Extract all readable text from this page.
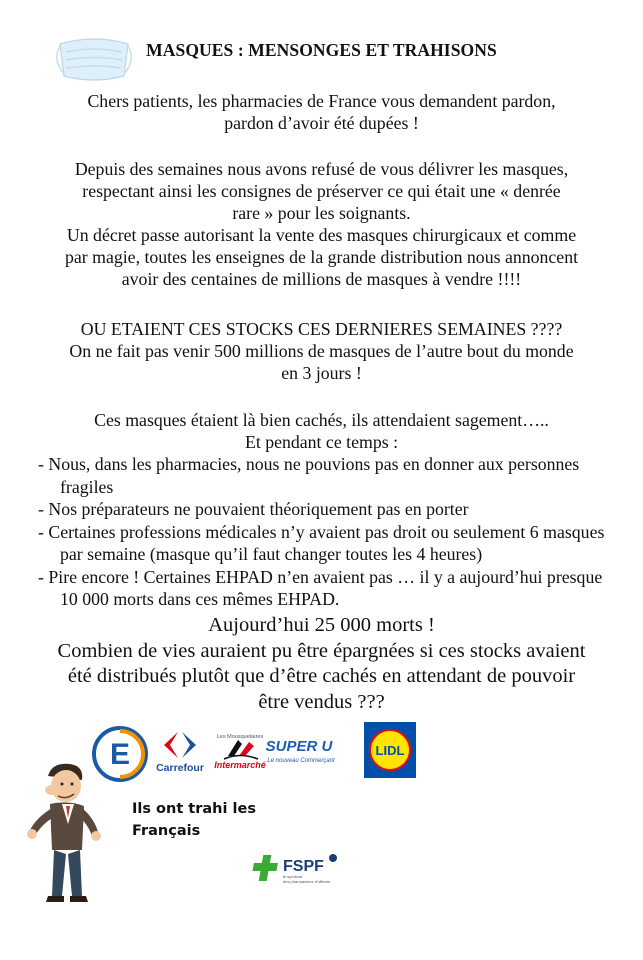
MASQUES : MENSONGES ET TRAHISONS
Chers patients, les pharmacies de France vous demandent pardon,
pardon d’avoir été dupées !
Depuis des semaines nous avons refusé de vous délivrer les masques,
respectant ainsi les consignes de préserver ce qui était une « denrée
rare » pour les soignants.
Un décret passe autorisant la vente des masques chirurgicaux et comme
par magie, toutes les enseignes de la grande distribution nous annoncent
avoir des centaines de millions de masques à vendre !!!!
OU ETAIENT CES STOCKS CES DERNIERES SEMAINES ????
On ne fait pas venir 500 millions de masques de l’autre bout du monde
en 3 jours !
Ces masques étaient là bien cachés, ils attendaient sagement…..
Et pendant ce temps :
- Nous, dans les pharmacies, nous ne pouvions pas en donner aux personnes fragiles
- Nos préparateurs ne pouvaient théoriquement pas en porter
- Certaines professions médicales n’y avaient pas droit ou seulement 6 masques par semaine (masque qu’il faut changer toutes les 4 heures)
- Pire encore ! Certaines EHPAD n’en avaient pas … il y a aujourd’hui presque 10 000 morts dans ces mêmes EHPAD.
Aujourd’hui 25 000 morts !
Combien de vies auraient pu être épargnées si ces stocks avaient
été distribués plutôt que d’être cachés en attendant de pouvoir
être vendus ???
E Carrefour
Les Mousquetaires
Intermarché
SUPER U
Le nouveau Commerçant
LIDL
Ils ont trahi les
Français
FSPF
le syndicat
des pharmaciens d’officine
